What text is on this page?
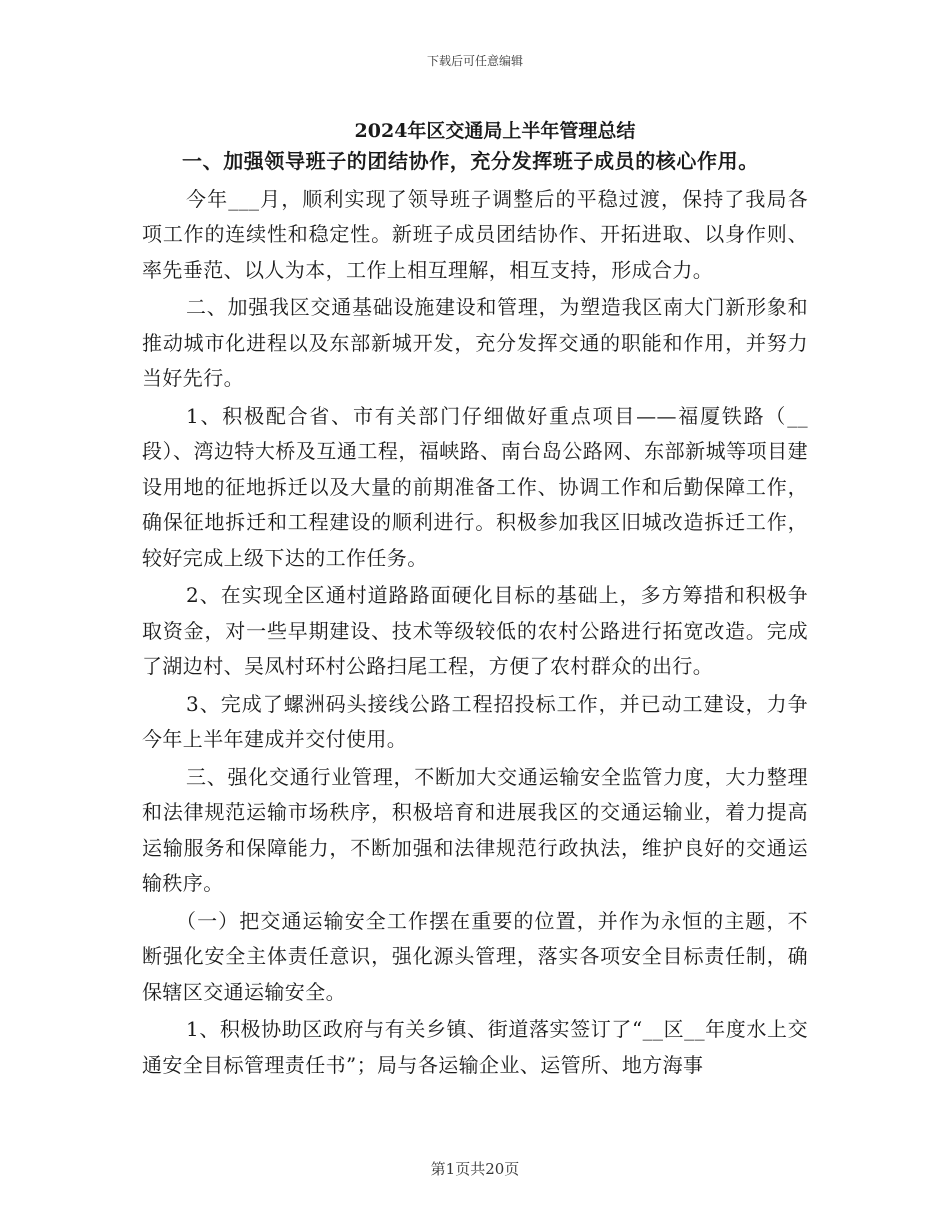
下载后可任意编辑
2024年区交通局上半年管理总结

一、加强领导班子的团结协作，充分发挥班子成员的核心作用。

今年___月，顺利实现了领导班子调整后的平稳过渡，保持了我局各项工作的连续性和稳定性。新班子成员团结协作、开拓进取、以身作则、率先垂范、以人为本，工作上相互理解，相互支持，形成合力。

二、加强我区交通基础设施建设和管理，为塑造我区南大门新形象和推动城市化进程以及东部新城开发，充分发挥交通的职能和作用，并努力当好先行。

1、积极配合省、市有关部门仔细做好重点项目——福厦铁路（__段）、湾边特大桥及互通工程，福峡路、南台岛公路网、东部新城等项目建设用地的征地拆迁以及大量的前期准备工作、协调工作和后勤保障工作，确保征地拆迁和工程建设的顺利进行。积极参加我区旧城改造拆迁工作，较好完成上级下达的工作任务。

2、在实现全区通村道路路面硬化目标的基础上，多方筹措和积极争取资金，对一些早期建设、技术等级较低的农村公路进行拓宽改造。完成了湖边村、吴凤村环村公路扫尾工程，方便了农村群众的出行。

3、完成了螺洲码头接线公路工程招投标工作，并已动工建设，力争今年上半年建成并交付使用。

三、强化交通行业管理，不断加大交通运输安全监管力度，大力整理和法律规范运输市场秩序，积极培育和进展我区的交通运输业，着力提高运输服务和保障能力，不断加强和法律规范行政执法，维护良好的交通运输秩序。

（一）把交通运输安全工作摆在重要的位置，并作为永恒的主题，不断强化安全主体责任意识，强化源头管理，落实各项安全目标责任制，确保辖区交通运输安全。

1、积极协助区政府与有关乡镇、街道落实签订了“__区__年度水上交通安全目标管理责任书”；局与各运输企业、运管所、地方海事

第1页共20页
